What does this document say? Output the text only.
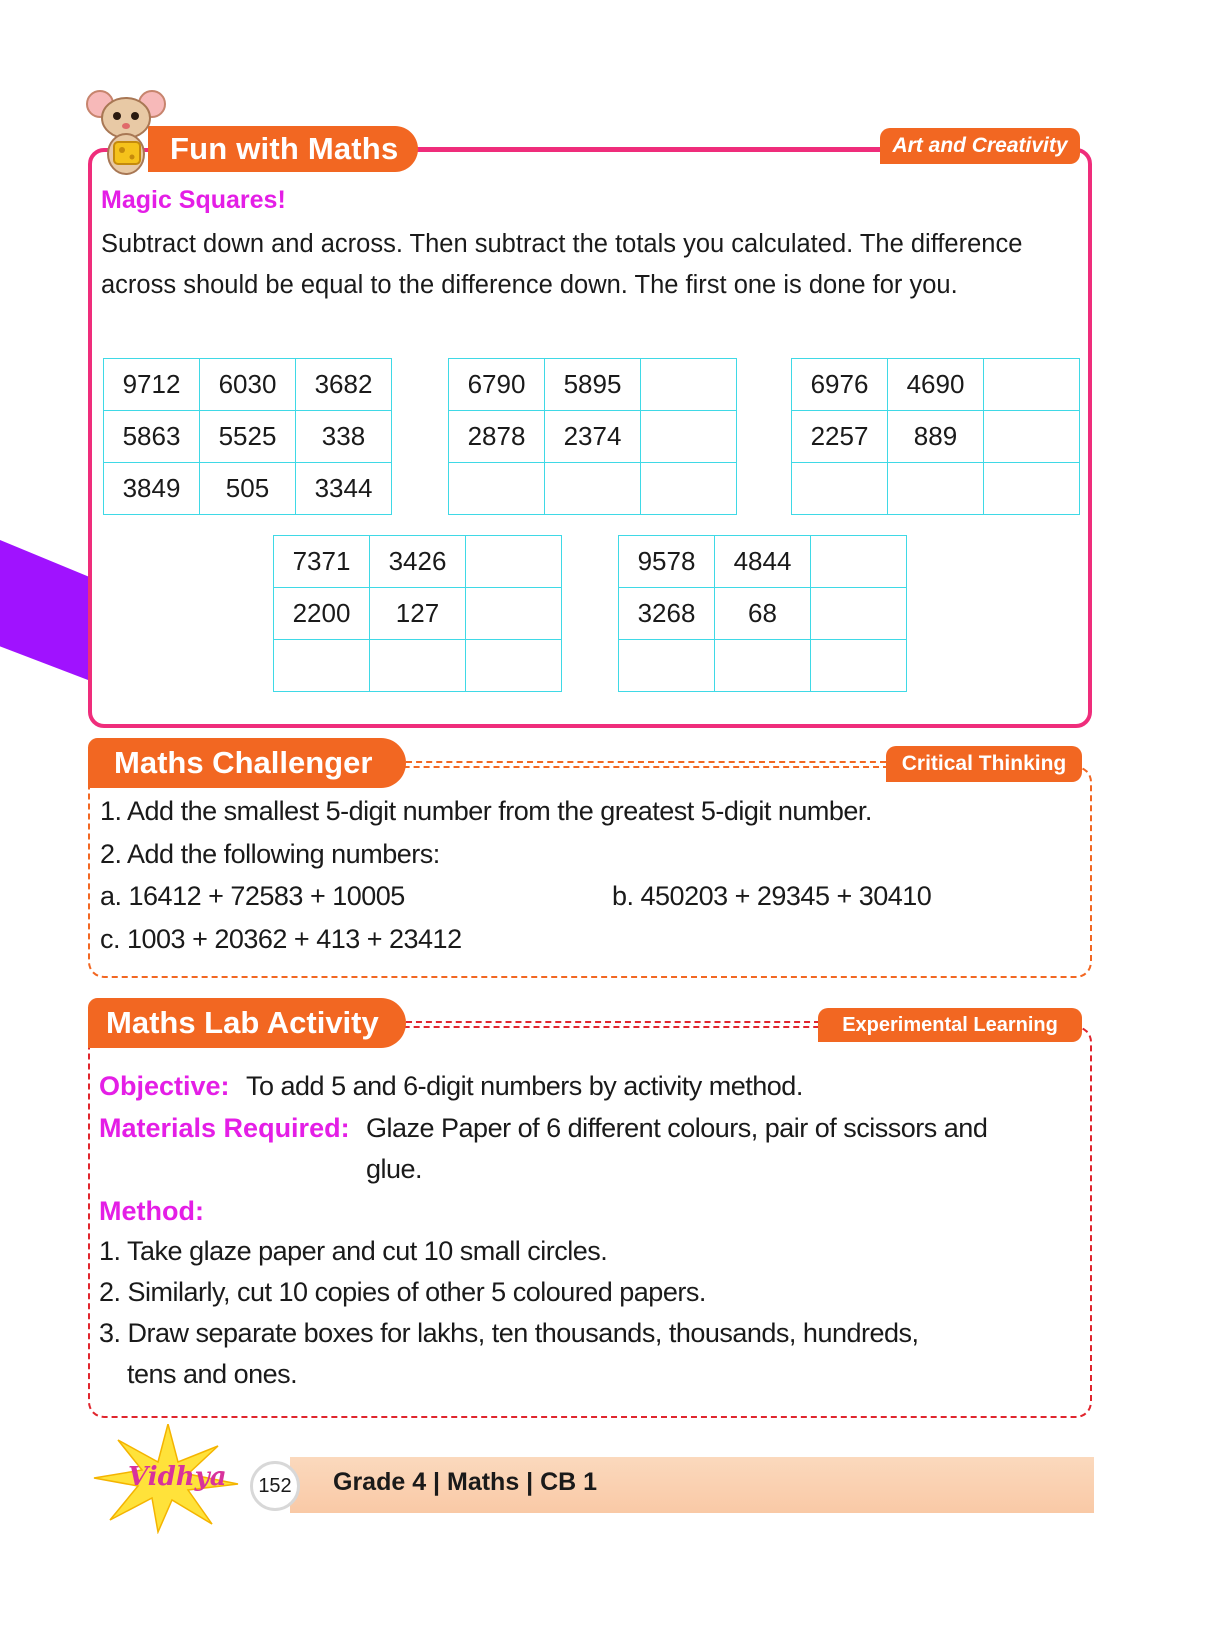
Fun with Maths	Art and Creativity
Magic Squares!
Subtract down and across. Then subtract the totals you calculated. The difference across should be equal to the difference down. The first one is done for you.
9712	6030	3682
5863	5525	338
3849	505	3344
6790	5895	
2878	2374	

6976	4690	
2257	889	

7371	3426	
2200	127	

9578	4844	
3268	68	

Maths Challenger	Critical Thinking
1. Add the smallest 5-digit number from the greatest 5-digit number.
2. Add the following numbers:
a. 16412 + 72583 + 10005	b. 450203 + 29345 + 30410
c. 1003 + 20362 + 413 + 23412
Maths Lab Activity	Experimental Learning
Objective: To add 5 and 6-digit numbers by activity method.
Materials Required: Glaze Paper of 6 different colours, pair of scissors and
glue.
Method:
1. Take glaze paper and cut 10 small circles.
2. Similarly, cut 10 copies of other 5 coloured papers.
3. Draw separate boxes for lakhs, ten thousands, thousands, hundreds,
tens and ones.
Vidhya	152	Grade 4 | Maths | CB 1
